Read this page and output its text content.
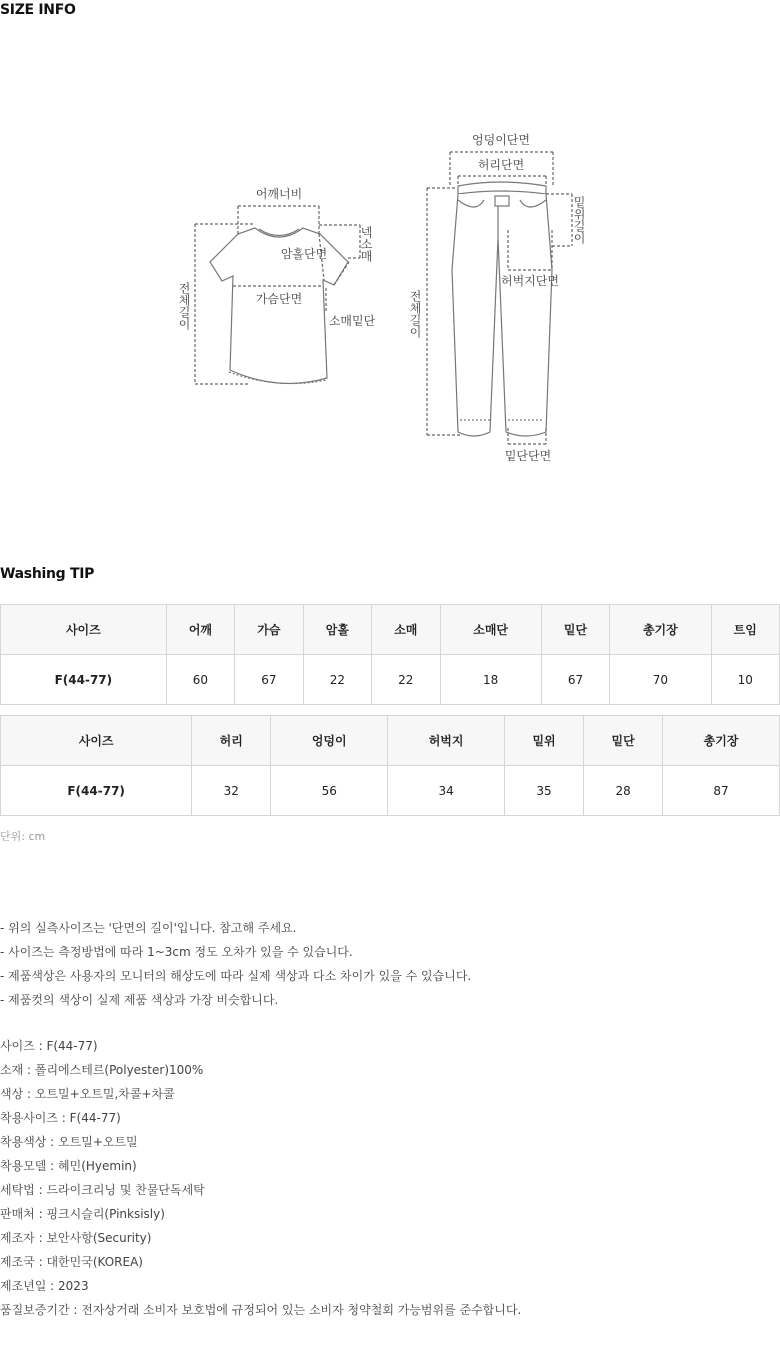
SIZE INFO
어깨너비
암홀단면
가슴단면
소매밑단
넥소매
전체길이
엉덩이단면
허리단면
밑위길이
허벅지단면
전체길이
밑단단면
Washing TIP
사이즈	어깨	가슴	암홀	소매	소매단	밑단	총기장	트임
F(44-77)	60	67	22	22	18	67	70	10
사이즈	허리	엉덩이	허벅지	밑위	밑단	총기장
F(44-77)	32	56	34	35	28	87
단위: cm
- 위의 실측사이즈는 '단면의 길이'입니다. 참고해 주세요.
- 사이즈는 측정방법에 따라 1~3cm 정도 오차가 있을 수 있습니다.
- 제품색상은 사용자의 모니터의 해상도에 따라 실제 색상과 다소 차이가 있을 수 있습니다.
- 제품컷의 색상이 실제 제품 색상과 가장 비슷합니다.
사이즈 : F(44-77)
소재 : 폴리에스테르(Polyester)100%
색상 : 오트밀+오트밀,차콜+차콜
착용사이즈 : F(44-77)
착용색상 : 오트밀+오트밀
착용모델 : 혜민(Hyemin)
세탁법 : 드라이크리닝 및 찬물단독세탁
판매처 : 핑크시슬리(Pinksisly)
제조자 : 보안사항(Security)
제조국 : 대한민국(KOREA)
제조년일 : 2023
품질보증기간 : 전자상거래 소비자 보호법에 규정되어 있는 소비자 청약철회 가능범위를 준수합니다.
